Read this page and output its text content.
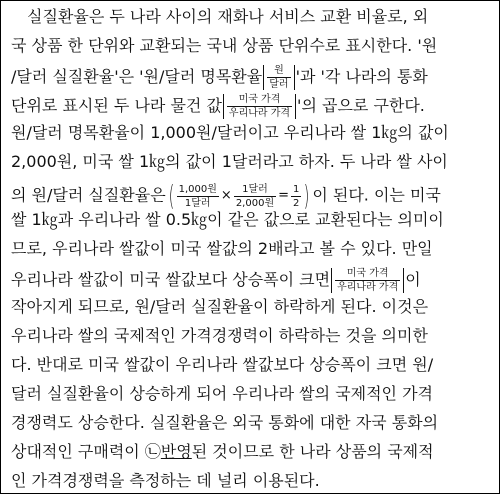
　실질환율은 두 나라 사이의 재화나 서비스 교환 비율로, 외
국 상품 한 단위와 교환되는 국내 상품 단위수로 표시한다. '원
/달러 실질환율'은 '원/달러 명목환율 $\frac{\text{원}}{\text{달러}}$ '과 '각 나라의 통화
단위로 표시된 두 나라 물건 값 $\frac{\text{미국 가격}}{\text{우리나라 가격}}$ '의 곱으로 구한다.
원/달러 명목환율이 1,000원/달러이고 우리나라 쌀 1㎏의 값이
2,000원, 미국 쌀 1㎏의 값이 1달러라고 하자. 두 나라 쌀 사이
의 원/달러 실질환율은( $\frac{\text{1,000원}}{\text{1달러}} \times \frac{\text{1달러}}{\text{2,000원}} = \frac{1}{2}$ ) 이 된다. 이는 미국
쌀 1㎏과 우리나라 쌀 0.5㎏이 같은 값으로 교환된다는 의미이
므로, 우리나라 쌀값이 미국 쌀값의 2배라고 볼 수 있다. 만일
우리나라 쌀값이 미국 쌀값보다 상승폭이 크면 $\frac{\text{미국 가격}}{\text{우리나라 가격}}$ 이
작아지게 되므로, 원/달러 실질환율이 하락하게 된다. 이것은
우리나라 쌀의 국제적인 가격경쟁력이 하락하는 것을 의미한
다. 반대로 미국 쌀값이 우리나라 쌀값보다 상승폭이 크면 원/
달러 실질환율이 상승하게 되어 우리나라 쌀의 국제적인 가격
경쟁력도 상승한다. 실질환율은 외국 통화에 대한 자국 통화의
상대적인 구매력이 ㉡반영된 것이므로 한 나라 상품의 국제적
인 가격경쟁력을 측정하는 데 널리 이용된다.
